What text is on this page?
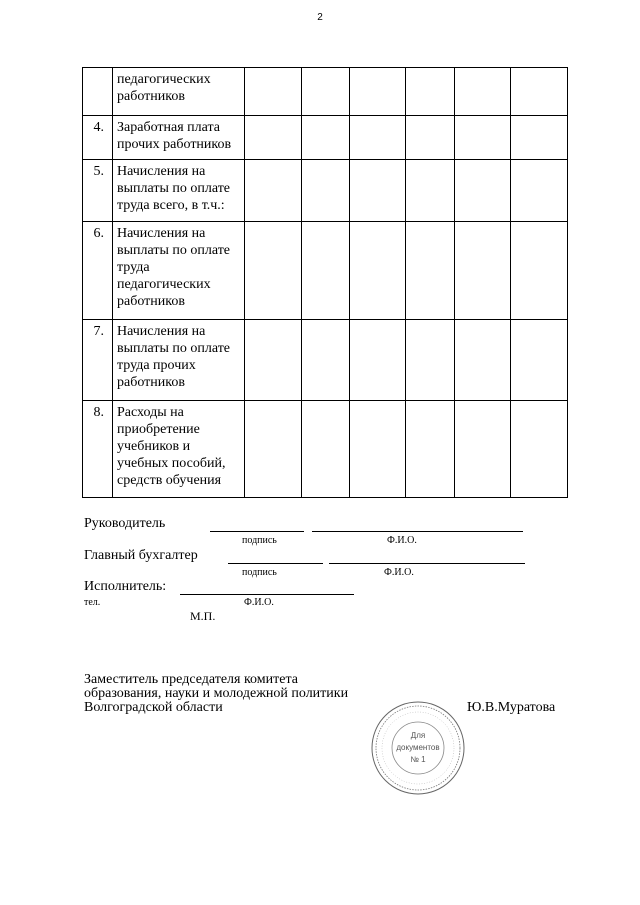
2
	педагогических работников						
4.	Заработная плата прочих работников						
5.	Начисления на выплаты по оплате труда всего, в т.ч.:						
6.	Начисления на выплаты по оплате труда педагогических работников						
7.	Начисления на выплаты по оплате труда прочих работников						
8.	Расходы на приобретение учебников и учебных пособий, средств обучения						
Руководитель
подпись	Ф.И.О.
Главный бухгалтер
подпись	Ф.И.О.
Исполнитель:
тел.	Ф.И.О.
М.П.
Заместитель председателя комитета
образования, науки и молодежной политики
Волгоградской области	Ю.В.Муратова
Для
документов
№ 1
